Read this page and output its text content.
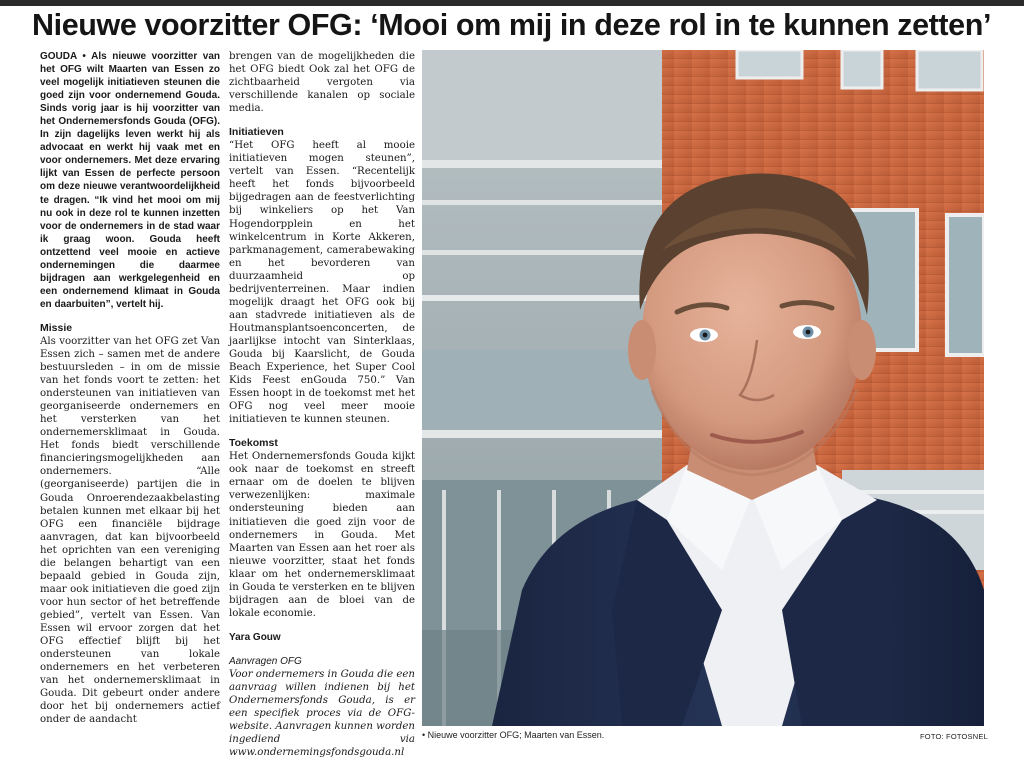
Nieuwe voorzitter OFG: ‘Mooi om mij in deze rol in te kunnen zetten’

GOUDA • Als nieuwe voorzitter van het OFG wilt Maarten van Essen zo veel mogelijk initiatieven steunen die goed zijn voor ondernemend Gouda. Sinds vorig jaar is hij voorzitter van het Ondernemersfonds Gouda (OFG). In zijn dagelijks leven werkt hij als advocaat en werkt hij vaak met en voor ondernemers. Met deze ervaring lijkt van Essen de perfecte persoon om deze nieuwe verantwoordelijkheid te dragen. “Ik vind het mooi om mij nu ook in deze rol te kunnen inzetten voor de ondernemers in de stad waar ik graag woon. Gouda heeft ontzettend veel mooie en actieve ondernemingen die daarmee bijdragen aan werkgelegenheid en een ondernemend klimaat in Gouda en daarbuiten”, vertelt hij.

Missie

Als voorzitter van het OFG zet Van Essen zich – samen met de andere bestuursleden – in om de missie van het fonds voort te zetten: het ondersteunen van initiatieven van georganiseerde ondernemers en het versterken van het ondernemersklimaat in Gouda. Het fonds biedt verschillende financieringsmogelijkheden aan ondernemers. “Alle (georganiseerde) partijen die in Gouda Onroerendezaakbelasting betalen kunnen met elkaar bij het OFG een financiële bijdrage aanvragen, dat kan bijvoorbeeld het oprichten van een vereniging die belangen behartigt van een bepaald gebied in Gouda zijn, maar ook initiatieven die goed zijn voor hun sector of het betreffende gebied”, vertelt van Essen. Van Essen wil ervoor zorgen dat het OFG effectief blijft bij het ondersteunen van lokale ondernemers en het verbeteren van het ondernemersklimaat in Gouda. Dit gebeurt onder andere door het bij ondernemers actief onder de aandacht

brengen van de mogelijkheden die het OFG biedt Ook zal het OFG de zichtbaarheid vergoten via verschillende kanalen op sociale media.

Initiatieven

“Het OFG heeft al mooie initiatieven mogen steunen”, vertelt van Essen. “Recentelijk heeft het fonds bijvoorbeeld bijgedragen aan de feestverlichting bij winkeliers op het Van Hogendorpplein en het winkelcentrum in Korte Akkeren, parkmanagement, camerabewaking en het bevorderen van duurzaamheid op bedrijventerreinen. Maar indien mogelijk draagt het OFG ook bij aan stadvrede initiatieven als de Houtmansplantsoenconcerten, de jaarlijkse intocht van Sinterklaas, Gouda bij Kaarslicht, de Gouda Beach Experience, het Super Cool Kids Feest enGouda 750.” Van Essen hoopt in de toekomst met het OFG nog veel meer mooie initiatieven te kunnen steunen.

Toekomst

Het Ondernemersfonds Gouda kijkt ook naar de toekomst en streeft ernaar om de doelen te blijven verwezenlijken: maximale ondersteuning bieden aan initiatieven die goed zijn voor de ondernemers in Gouda. Met Maarten van Essen aan het roer als nieuwe voorzitter, staat het fonds klaar om het ondernemersklimaat in Gouda te versterken en te blijven bijdragen aan de bloei van de lokale economie.

Yara Gouw

Aanvragen OFG

Voor ondernemers in Gouda die een aanvraag willen indienen bij het Ondernemersfonds Gouda, is er een specifiek proces via de OFG-website. Aanvragen kunnen worden ingediend via www.ondernemingsfondsgouda.nl

• Nieuwe voorzitter OFG; Maarten van Essen.	FOTO: FOTOSNEL
